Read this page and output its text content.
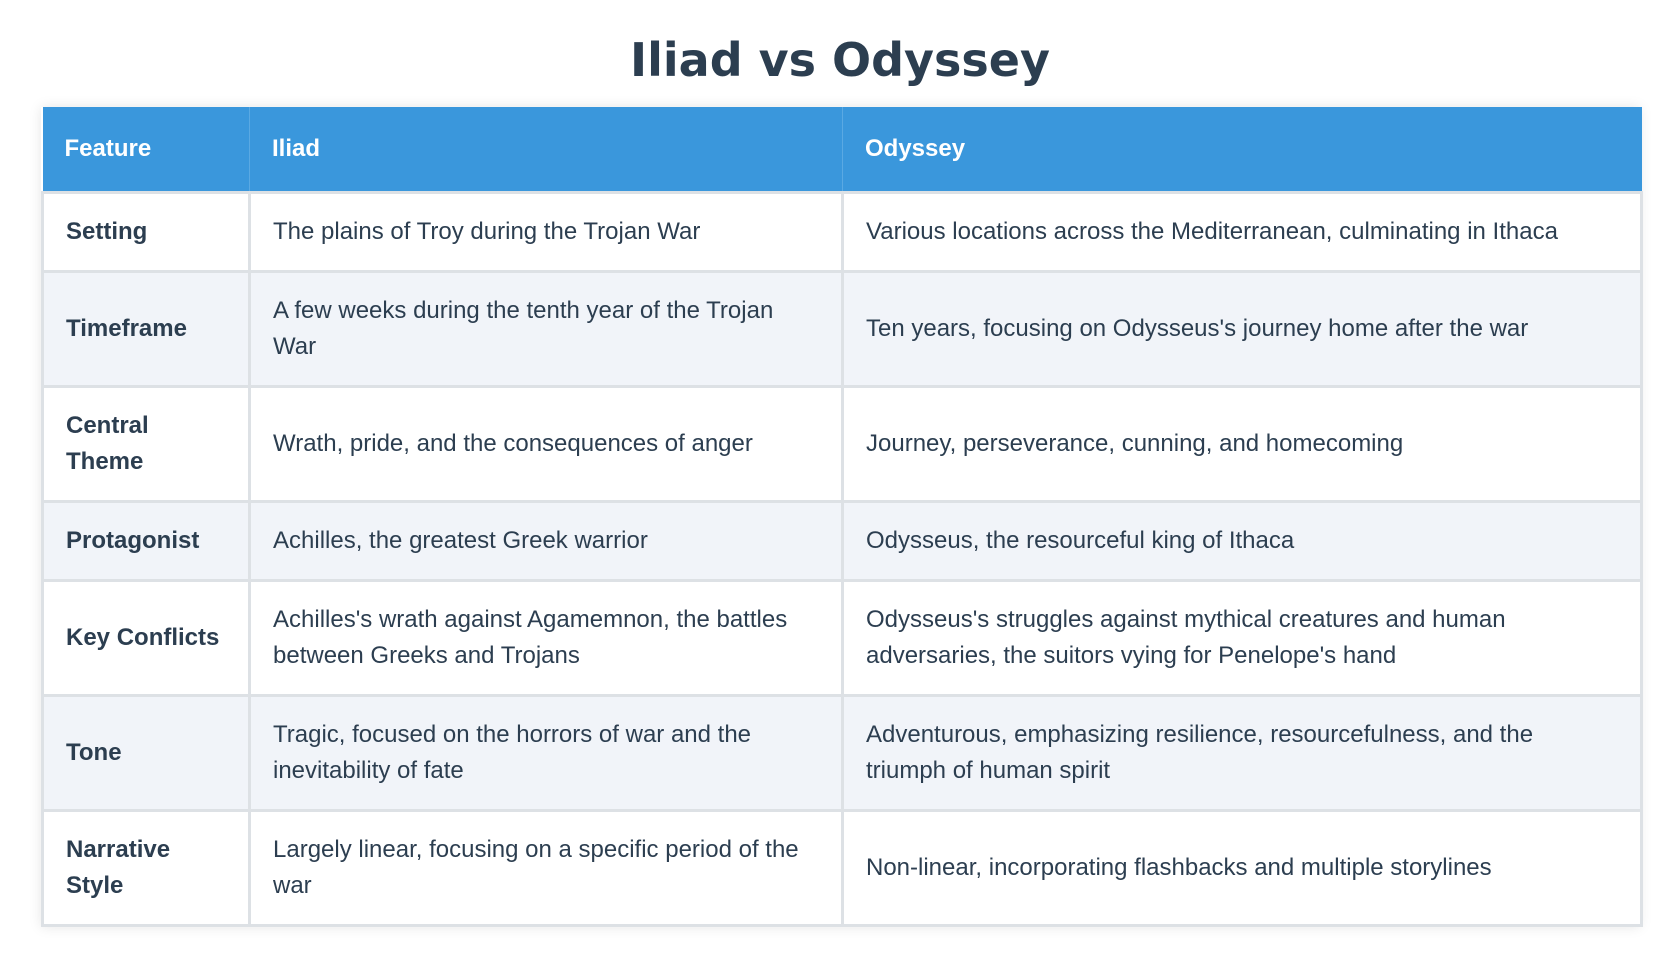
Iliad vs Odyssey
Feature	Iliad	Odyssey
Setting	The plains of Troy during the Trojan War	Various locations across the Mediterranean, culminating in Ithaca
Timeframe	A few weeks during the tenth year of the Trojan War	Ten years, focusing on Odysseus's journey home after the war
Central Theme	Wrath, pride, and the consequences of anger	Journey, perseverance, cunning, and homecoming
Protagonist	Achilles, the greatest Greek warrior	Odysseus, the resourceful king of Ithaca
Key Conflicts	Achilles's wrath against Agamemnon, the battles between Greeks and Trojans	Odysseus's struggles against mythical creatures and human adversaries, the suitors vying for Penelope's hand
Tone	Tragic, focused on the horrors of war and the inevitability of fate	Adventurous, emphasizing resilience, resourcefulness, and the triumph of human spirit
Narrative Style	Largely linear, focusing on a specific period of the war	Non-linear, incorporating flashbacks and multiple storylines
